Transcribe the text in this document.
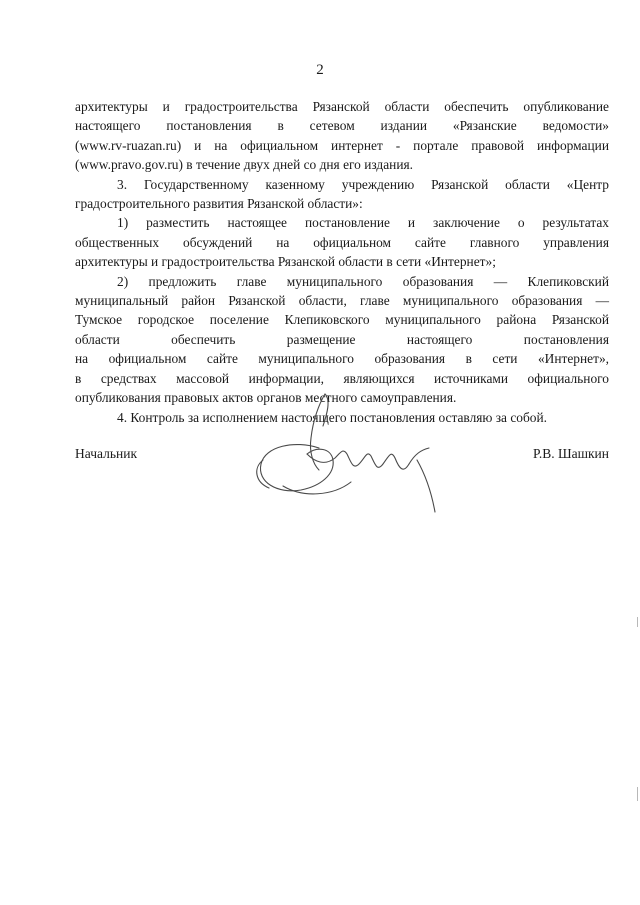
2

архитектуры и градостроительства Рязанской области обеспечить опубликование
настоящего постановления в сетевом издании «Рязанские ведомости»
(www.rv-ruazan.ru) и на официальном интернет - портале правовой информации

(www.pravo.gov.ru) в течение двух дней со дня его издания.

3. Государственному казенному учреждению Рязанской области «Центр

градостроительного развития Рязанской области»:

1) разместить настоящее постановление и заключение о результатах

общественных обсуждений на официальном сайте главного управления

архитектуры и градостроительства Рязанской области в сети «Интернет»;

2) предложить главе муниципального образования — Клепиковский

муниципальный район Рязанской области, главе муниципального образования —

Тумское городское поселение Клепиковского муниципального района Рязанской

области обеспечить размещение настоящего постановления

на официальном сайте муниципального образования в сети «Интернет»,

в средствах массовой информации, являющихся источниками официального

опубликования правовых актов органов местного самоуправления.

4. Контроль за исполнением настоящего постановления оставляю за собой.

Начальник	Р.В. Шашкин
